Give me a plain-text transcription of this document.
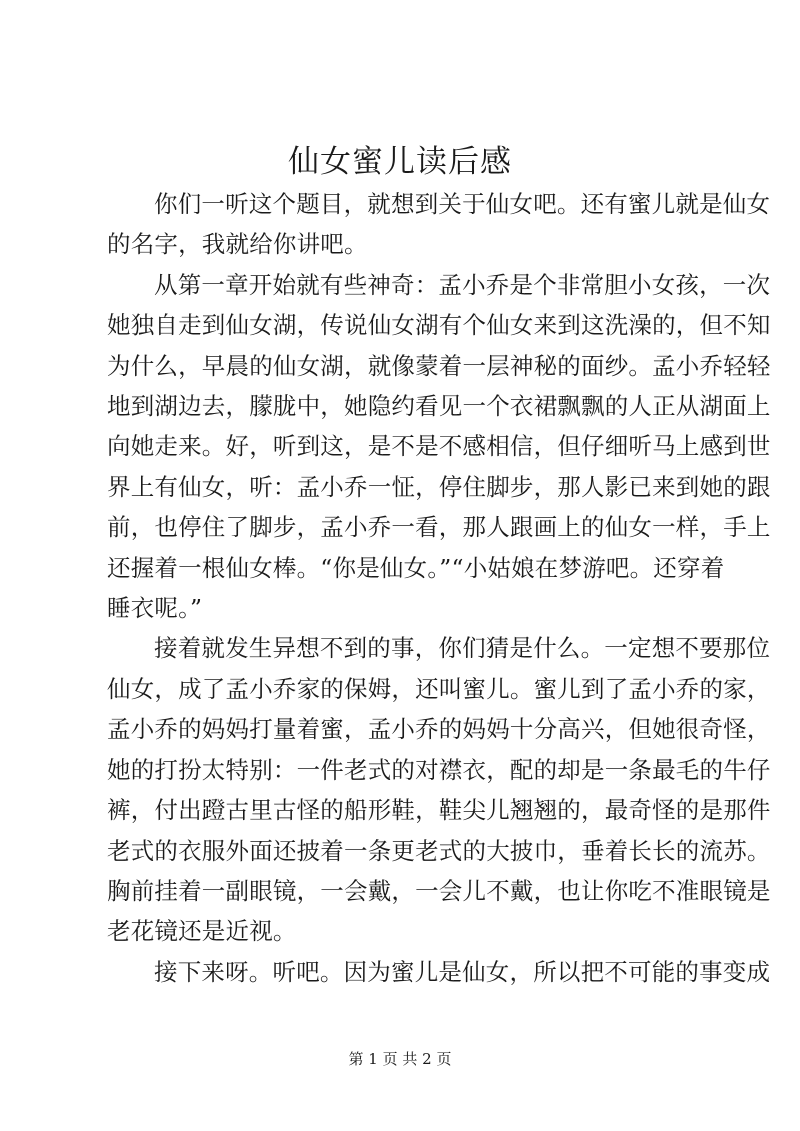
仙女蜜儿读后感

你们一听这个题目，就想到关于仙女吧。还有蜜儿就是仙女
的名字，我就给你讲吧。

从第一章开始就有些神奇：孟小乔是个非常胆小女孩，一次
她独自走到仙女湖，传说仙女湖有个仙女来到这洗澡的，但不知
为什么，早晨的仙女湖，就像蒙着一层神秘的面纱。孟小乔轻轻
地到湖边去，朦胧中，她隐约看见一个衣裙飘飘的人正从湖面上
向她走来。好，听到这，是不是不感相信，但仔细听马上感到世
界上有仙女，听：孟小乔一怔，停住脚步，那人影已来到她的跟
前，也停住了脚步，孟小乔一看，那人跟画上的仙女一样，手上
还握着一根仙女棒。“你是仙女。”“小姑娘在梦游吧。还穿着
睡衣呢。”

接着就发生异想不到的事，你们猜是什么。一定想不要那位
仙女，成了孟小乔家的保姆，还叫蜜儿。蜜儿到了孟小乔的家，
孟小乔的妈妈打量着蜜，孟小乔的妈妈十分高兴，但她很奇怪，
她的打扮太特别：一件老式的对襟衣，配的却是一条最毛的牛仔
裤，付出蹬古里古怪的船形鞋，鞋尖儿翘翘的，最奇怪的是那件
老式的衣服外面还披着一条更老式的大披巾，垂着长长的流苏。
胸前挂着一副眼镜，一会戴，一会儿不戴，也让你吃不准眼镜是
老花镜还是近视。

接下来呀。听吧。因为蜜儿是仙女，所以把不可能的事变成

第 1 页 共 2 页
